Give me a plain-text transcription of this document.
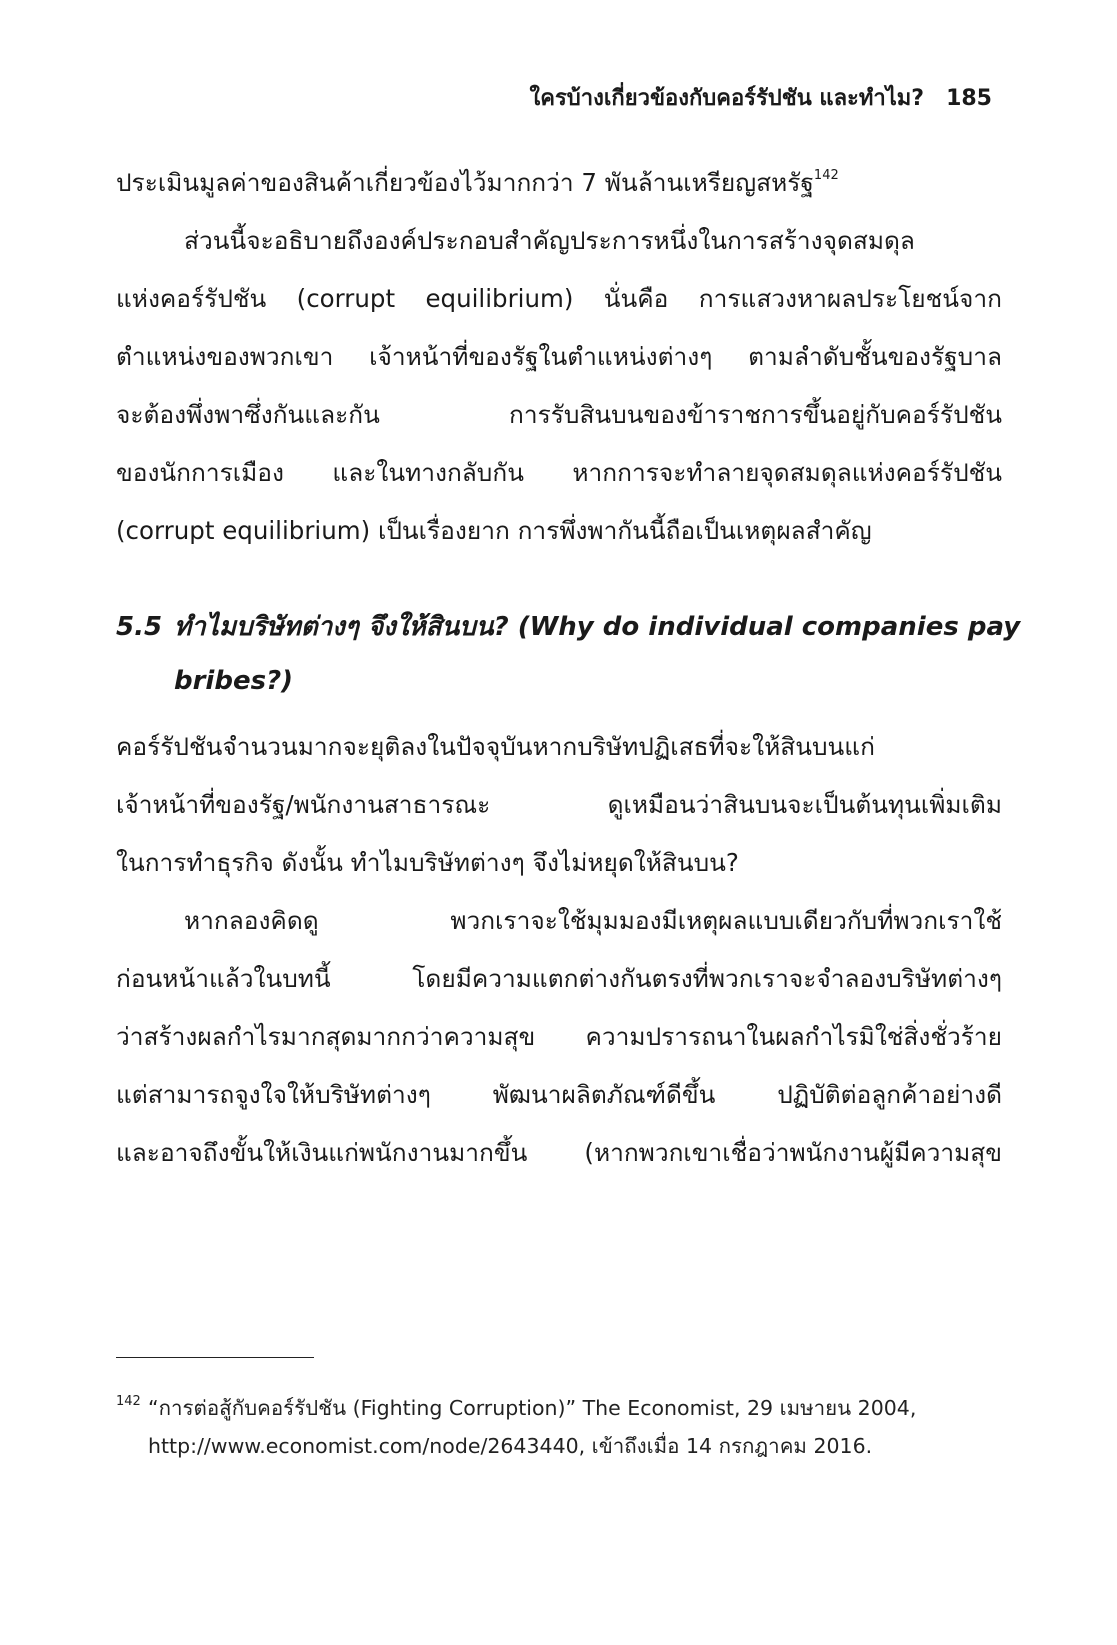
ใครบ้างเกี่ยวข้องกับคอร์รัปชัน และทำไม? 185
ประเมินมูลค่าของสินค้าเกี่ยวข้องไว้มากกว่า 7 พันล้านเหรียญสหรัฐ$^{142}$
ส่วนนี้จะอธิบายถึงองค์ประกอบสำคัญประการหนึ่งในการสร้างจุดสมดุล
แห่งคอร์รัปชัน (corrupt equilibrium) นั่นคือ การแสวงหาผลประโยชน์จาก
ตำแหน่งของพวกเขา เจ้าหน้าที่ของรัฐในตำแหน่งต่างๆ ตามลำดับชั้นของรัฐบาล
จะต้องพึ่งพาซึ่งกันและกัน การรับสินบนของข้าราชการขึ้นอยู่กับคอร์รัปชัน
ของนักการเมือง และในทางกลับกัน หากการจะทำลายจุดสมดุลแห่งคอร์รัปชัน
(corrupt equilibrium) เป็นเรื่องยาก การพึ่งพากันนี้ถือเป็นเหตุผลสำคัญ
5.5 ทำไมบริษัทต่างๆ จึงให้สินบน? (Why do individual companies pay
bribes?)
คอร์รัปชันจำนวนมากจะยุติลงในปัจจุบันหากบริษัทปฏิเสธที่จะให้สินบนแก่
เจ้าหน้าที่ของรัฐ/พนักงานสาธารณะ ดูเหมือนว่าสินบนจะเป็นต้นทุนเพิ่มเติม
ในการทำธุรกิจ ดังนั้น ทำไมบริษัทต่างๆ จึงไม่หยุดให้สินบน?
หากลองคิดดู พวกเราจะใช้มุมมองมีเหตุผลแบบเดียวกับที่พวกเราใช้
ก่อนหน้าแล้วในบทนี้ โดยมีความแตกต่างกันตรงที่พวกเราจะจำลองบริษัทต่างๆ
ว่าสร้างผลกำไรมากสุดมากกว่าความสุข ความปรารถนาในผลกำไรมิใช่สิ่งชั่วร้าย
แต่สามารถจูงใจให้บริษัทต่างๆ พัฒนาผลิตภัณฑ์ดีขึ้น ปฏิบัติต่อลูกค้าอย่างดี
และอาจถึงขั้นให้เงินแก่พนักงานมากขึ้น (หากพวกเขาเชื่อว่าพนักงานผู้มีความสุข
142 “การต่อสู้กับคอร์รัปชัน (Fighting Corruption)” The Economist, 29 เมษายน 2004,
http://www.economist.com/node/2643440, เข้าถึงเมื่อ 14 กรกฎาคม 2016.
